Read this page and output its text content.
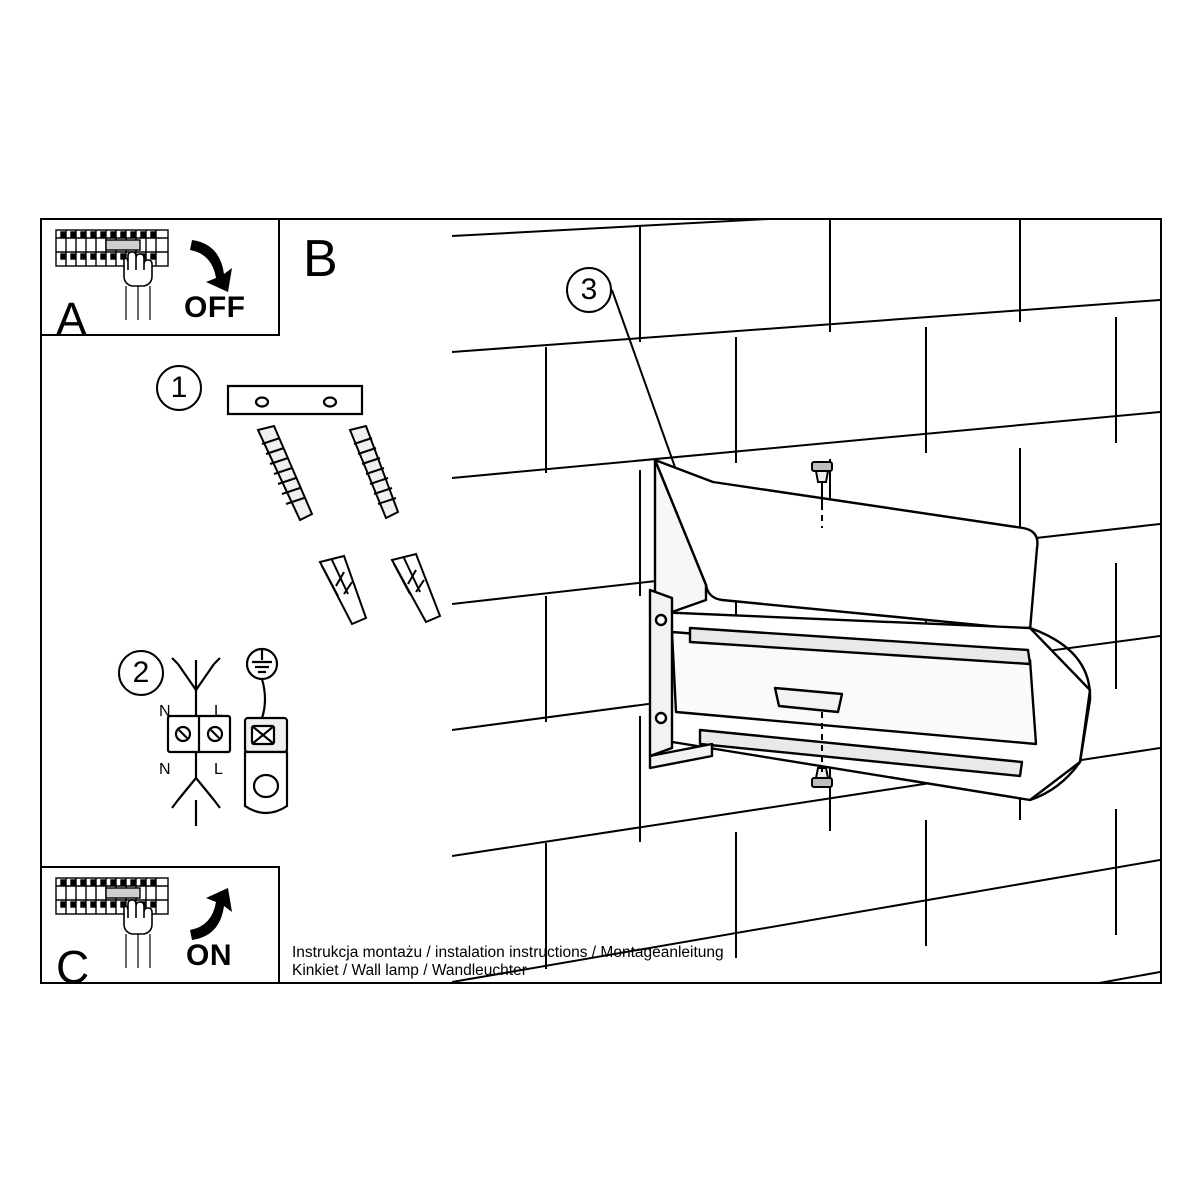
A	OFF
C	ON
B
1
2
3
N	L
N	L
Instrukcja montażu / instalation instructions / Montageanleitung
Kinkiet / Wall lamp / Wandleuchter
